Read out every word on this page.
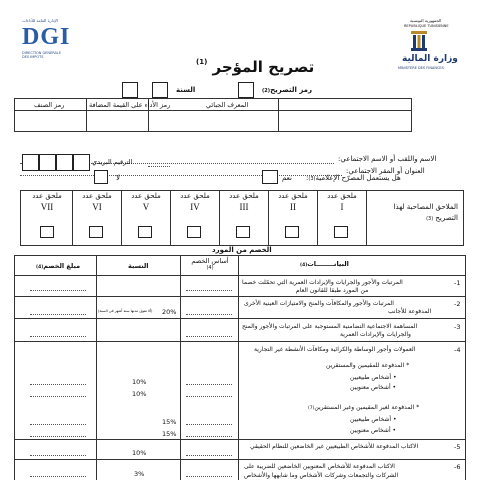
الإدارة العامة للأداءات
DGI
DIRECTION GENERALE DES IMPOTS
الجمهورية التونسية
REPUBLIQUE TUNISIENNE
وزارة المالية
MINISTERE DES FINANCES
تصريح المؤجر $^{(1)}$
رمز التصريح(2)
السنة
المعرف الجبائي
رمز الأداء على القيمة المضافة
رمز الصنف
الاسم واللقب أو الاسم الاجتماعي:
العنوان أو المقر الاجتماعي:
الترقيم البريدي
هل يستعمل المصرّح الإعلامية(3):
نعم
لا
الملاحق المصاحبة لهذا التصريح (3)
ملحق عدد
I
ملحق عدد
II
ملحق عدد
III
ملحق عدد
IV
ملحق عدد
V
ملحق عدد
VI
ملحق عدد
VII
الخصم من المورد
البيانــــــــات(4)
أساس الخصم
(4)
النسبة
مبلغ الخصم(4)
1-
المرتبات والأجور والجرايات والإيرادات العمرية التي تحمّلت خصما
من المورد طبقا للقانون العام
2-
المرتبات والأجور والمكافآت والمنح والامتيازات العينية الأخرى
المدفوعة للأجانب
20%
(ألا تفوق مدتها ستة أشهر في السنة)
3-
المساهمة الاجتماعية التضامنية المستوجبة على المرتبات والأجور والمنح
والجرايات والإيرادات العمرية
4-
العمولات وأجور الوساطة والكرائية ومكافآت الأنشطة غير التجارية
* المدفوعة للمقيمين والمستقرين
• أشخاص طبيعيين
• أشخاص معنويين
10%
10%
* المدفوعة لغير المقيمين وغير المستقرين(7)
• أشخاص طبيعيين
• أشخاص معنويين
15%
15%
5-
الاكتاب المدفوعة للأشخاص الطبيعيين غير الخاضعين للنظام الحقيقي
10%
6-
الاكتاب المدفوعة للأشخاص المعنويين الخاضعين للضريبة على
الشركات والتجمعات وشركات الأشخاص وما شابهها والأشخاص
3%
